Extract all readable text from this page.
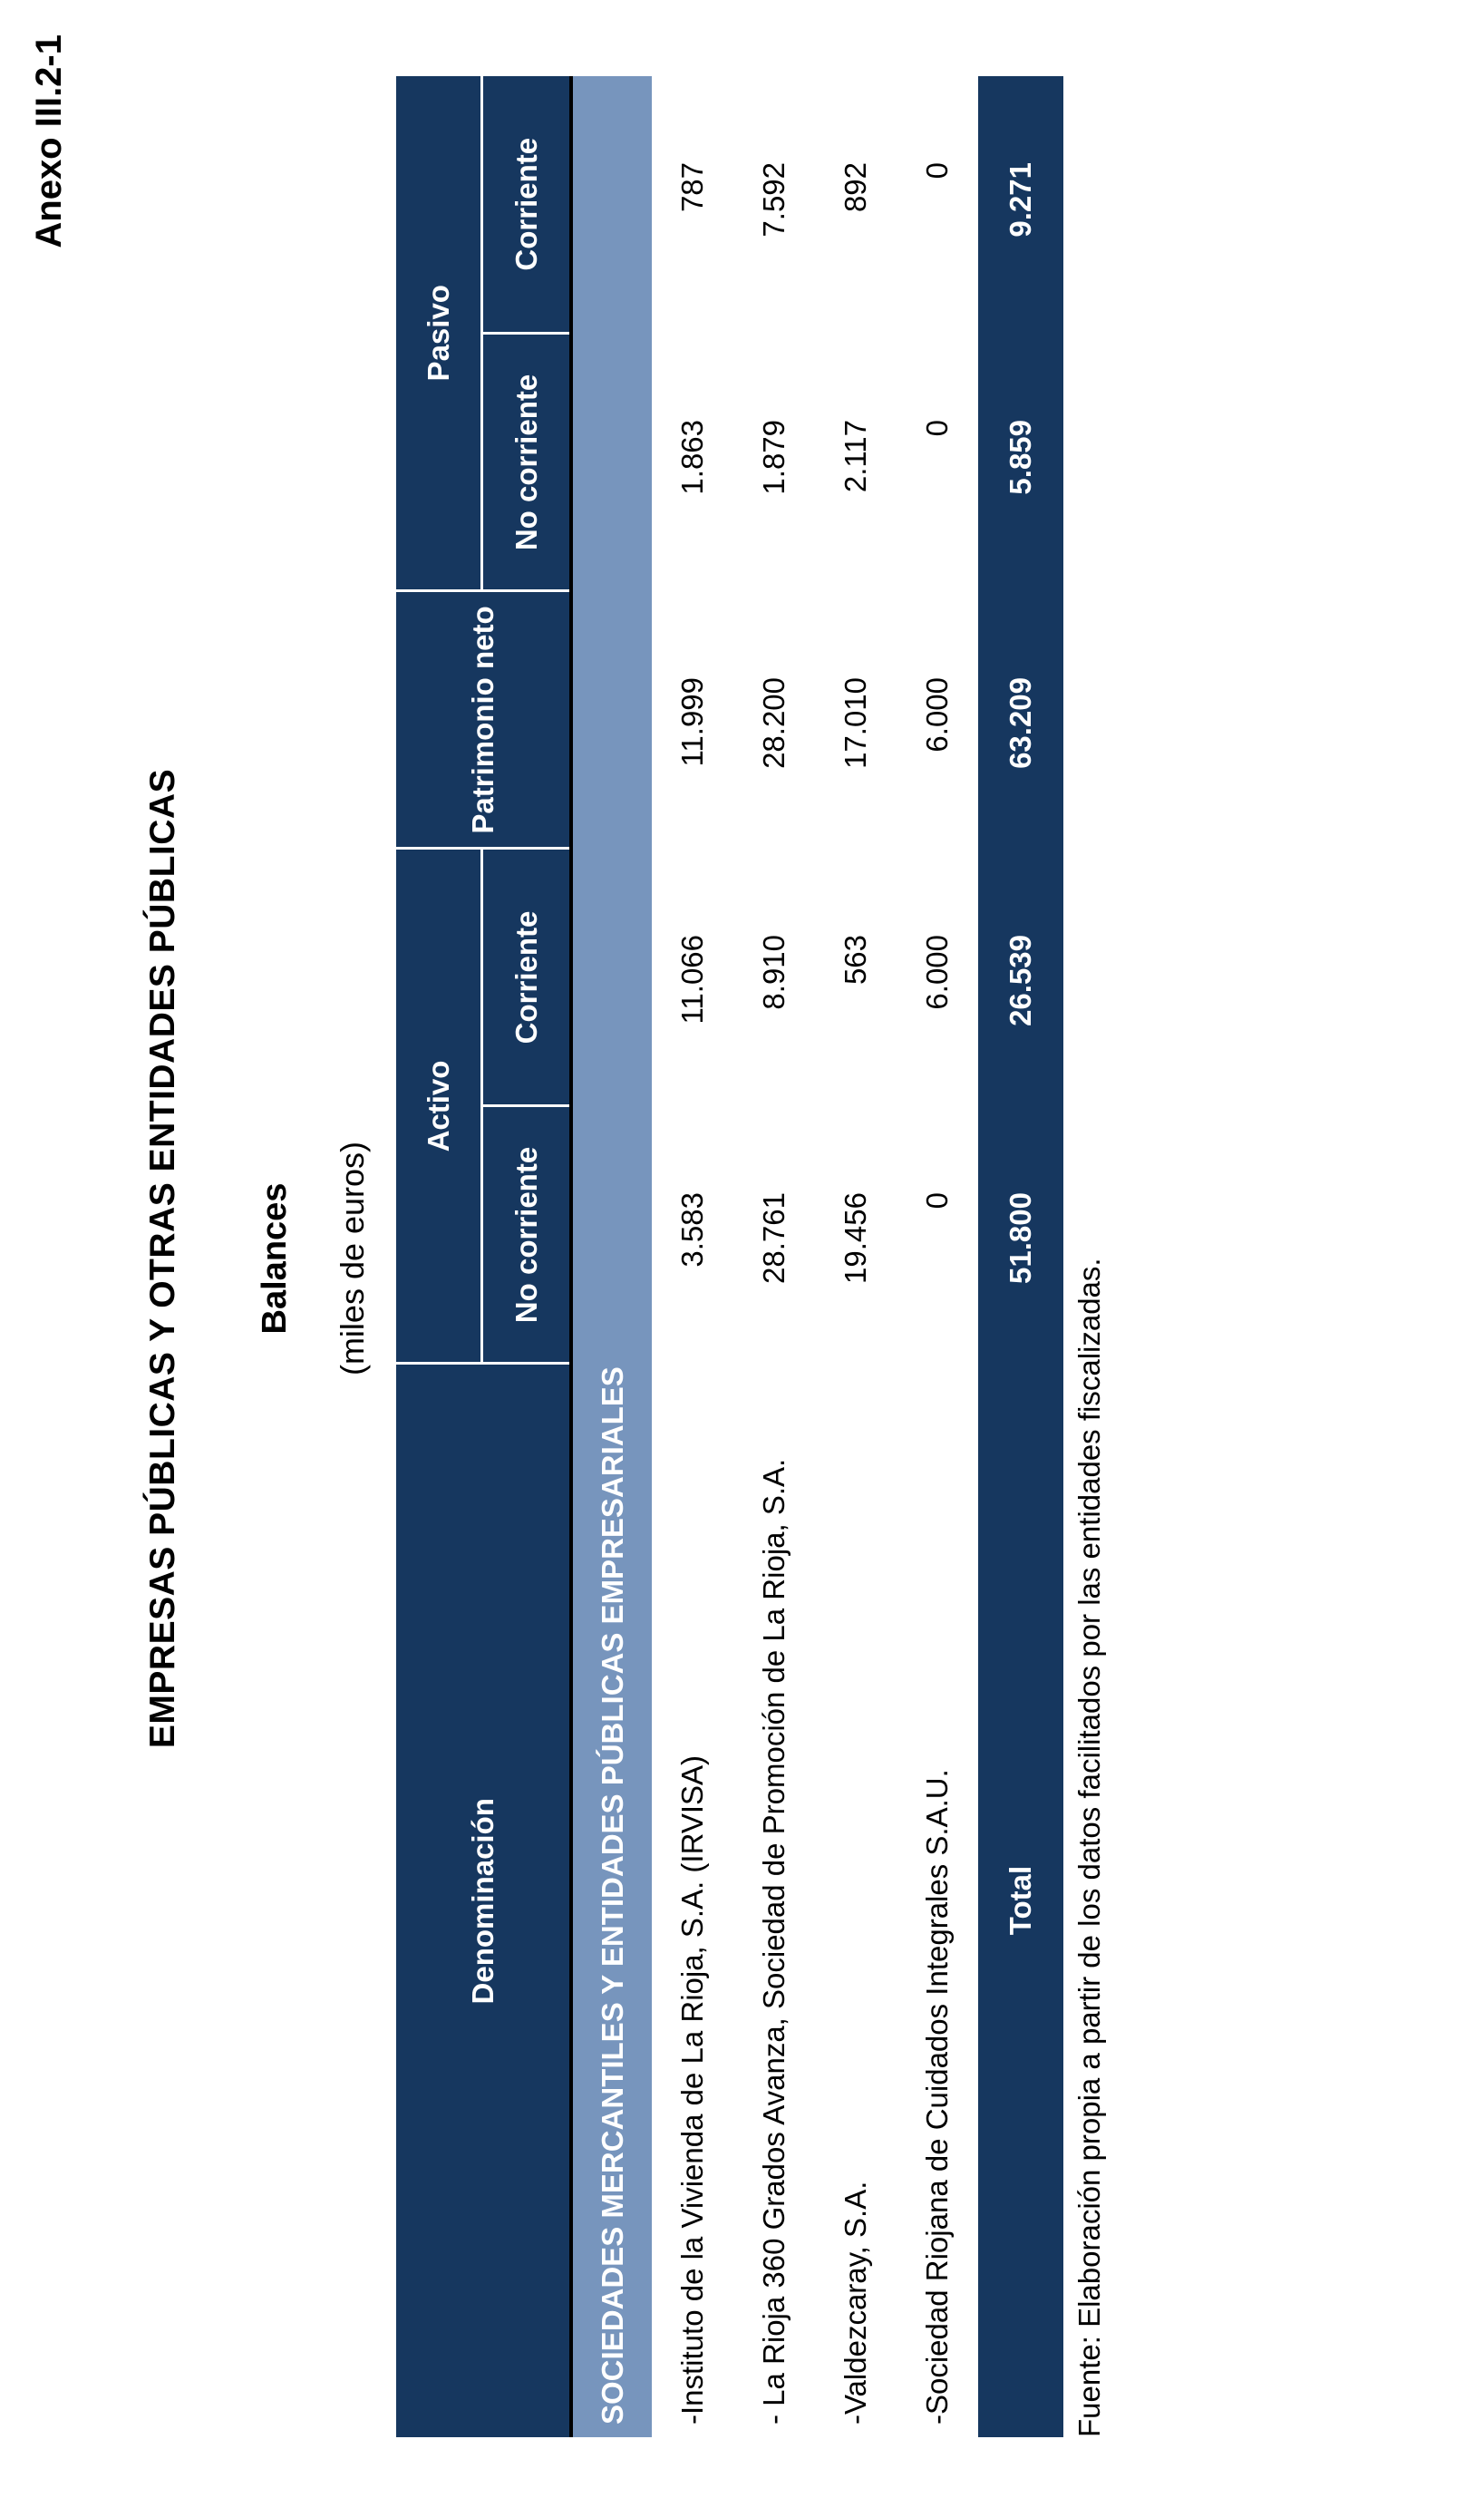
Anexo III.2-1
EMPRESAS PÚBLICAS Y OTRAS ENTIDADES PÚBLICAS Balances (miles de euros)
Denominación	Activo		Patrimonio neto	Pasivo	
	No corriente	Corriente		No corriente	Corriente
SOCIEDADES MERCANTILES Y ENTIDADES PÚBLICAS EMPRESARIALES					
-Instituto de la Vivienda de La Rioja, S.A. (IRVISA)	3.583	11.066	11.999	1.863	787
- La Rioja 360 Grados Avanza, Sociedad de Promoción de La Rioja, S.A.	28.761	8.910	28.200	1.879	7.592
-Valdezcaray, S.A.	19.456	563	17.010	2.117	892
-Sociedad Riojana de Cuidados Integrales S.A.U.	0	6.000	6.000	0	0
Total	51.800	26.539	63.209	5.859	9.271
Fuente: Elaboración propia a partir de los datos facilitados por las entidades fiscalizadas.
